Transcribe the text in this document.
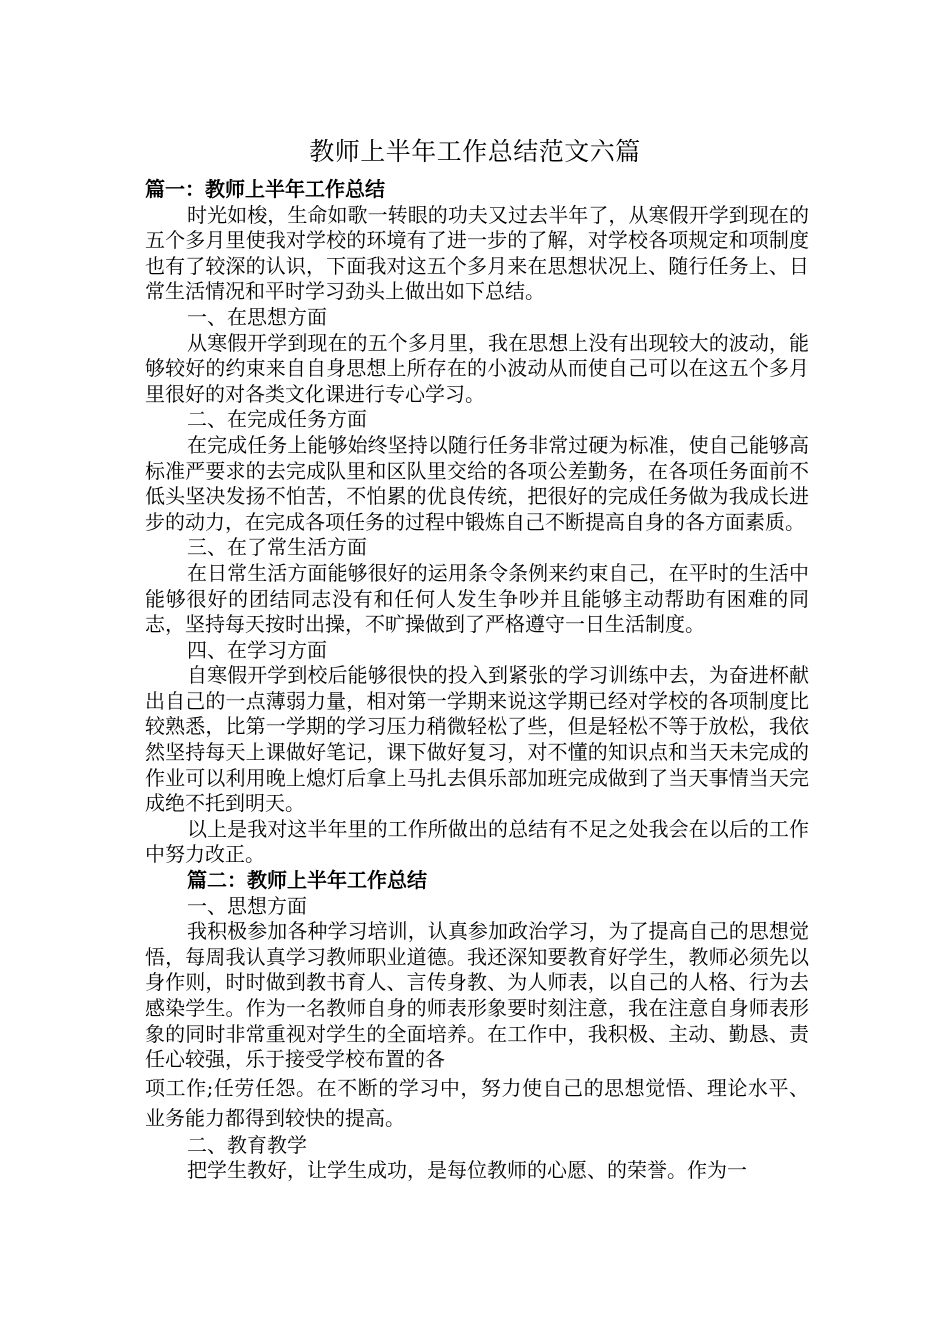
教师上半年工作总结范文六篇

篇一：教师上半年工作总结

时光如梭，生命如歌一转眼的功夫又过去半年了，从寒假开学到现在的五个多月里使我对学校的环境有了进一步的了解，对学校各项规定和项制度也有了较深的认识，下面我对这五个多月来在思想状况上、随行任务上、日常生活情况和平时学习劲头上做出如下总结。

一、在思想方面

从寒假开学到现在的五个多月里，我在思想上没有出现较大的波动，能够较好的约束来自自身思想上所存在的小波动从而使自己可以在这五个多月里很好的对各类文化课进行专心学习。

二、在完成任务方面

在完成任务上能够始终坚持以随行任务非常过硬为标准，使自己能够高标准严要求的去完成队里和区队里交给的各项公差勤务，在各项任务面前不低头坚决发扬不怕苦，不怕累的优良传统，把很好的完成任务做为我成长进步的动力，在完成各项任务的过程中锻炼自己不断提高自身的各方面素质。

三、在了常生活方面

在日常生活方面能够很好的运用条令条例来约束自己，在平时的生活中能够很好的团结同志没有和任何人发生争吵并且能够主动帮助有困难的同志，坚持每天按时出操，不旷操做到了严格遵守一日生活制度。

四、在学习方面

自寒假开学到校后能够很快的投入到紧张的学习训练中去，为奋进杯献出自己的一点薄弱力量，相对第一学期来说这学期已经对学校的各项制度比较熟悉，比第一学期的学习压力稍微轻松了些，但是轻松不等于放松，我依然坚持每天上课做好笔记，课下做好复习，对不懂的知识点和当天未完成的作业可以利用晚上熄灯后拿上马扎去俱乐部加班完成做到了当天事情当天完成绝不托到明天。

以上是我对这半年里的工作所做出的总结有不足之处我会在以后的工作中努力改正。

篇二：教师上半年工作总结

一、思想方面

我积极参加各种学习培训，认真参加政治学习，为了提高自己的思想觉悟，每周我认真学习教师职业道德。我还深知要教育好学生，教师必须先以身作则，时时做到教书育人、言传身教、为人师表，以自己的人格、行为去感染学生。作为一名教师自身的师表形象要时刻注意，我在注意自身师表形象的同时非常重视对学生的全面培养。在工作中，我积极、主动、勤恳、责任心较强，乐于接受学校布置的各

项工作;任劳任怨。在不断的学习中，努力使自己的思想觉悟、理论水平、业务能力都得到较快的提高。

二、教育教学

把学生教好，让学生成功，是每位教师的心愿、的荣誉。作为一
